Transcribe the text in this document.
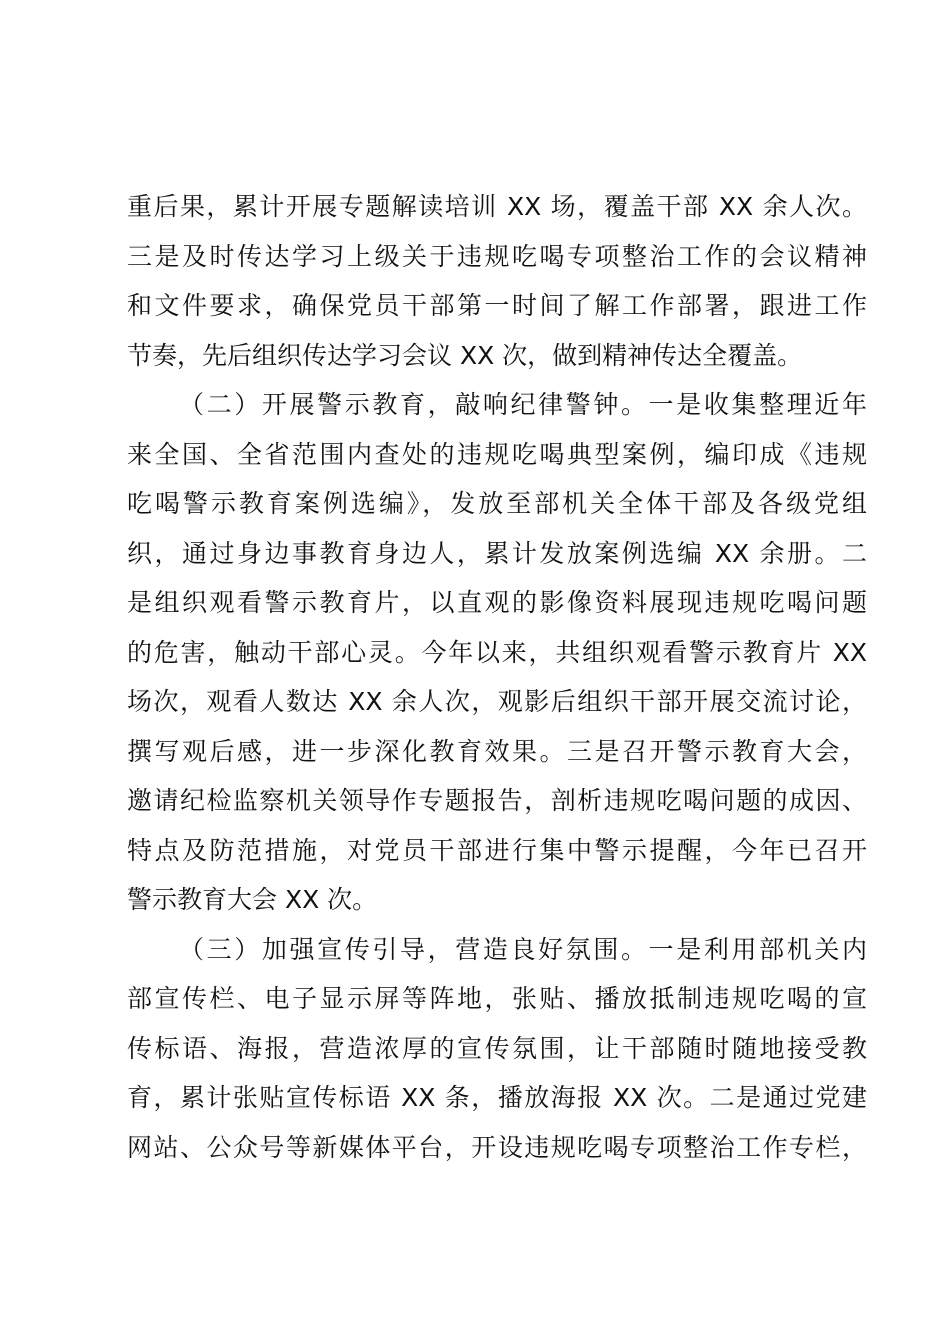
重后果，累计开展专题解读培训 XX 场，覆盖干部 XX 余人次。
三是及时传达学习上级关于违规吃喝专项整治工作的会议精神
和文件要求，确保党员干部第一时间了解工作部署，跟进工作
节奏，先后组织传达学习会议 XX 次，做到精神传达全覆盖。
（二）开展警示教育，敲响纪律警钟。一是收集整理近年
来全国、全省范围内查处的违规吃喝典型案例，编印成《违规
吃喝警示教育案例选编》，发放至部机关全体干部及各级党组
织，通过身边事教育身边人，累计发放案例选编 XX 余册。二
是组织观看警示教育片，以直观的影像资料展现违规吃喝问题
的危害，触动干部心灵。今年以来，共组织观看警示教育片 XX
场次，观看人数达 XX 余人次，观影后组织干部开展交流讨论，
撰写观后感，进一步深化教育效果。三是召开警示教育大会，
邀请纪检监察机关领导作专题报告，剖析违规吃喝问题的成因、
特点及防范措施，对党员干部进行集中警示提醒，今年已召开
警示教育大会 XX 次。
（三）加强宣传引导，营造良好氛围。一是利用部机关内
部宣传栏、电子显示屏等阵地，张贴、播放抵制违规吃喝的宣
传标语、海报，营造浓厚的宣传氛围，让干部随时随地接受教
育，累计张贴宣传标语 XX 条，播放海报 XX 次。二是通过党建
网站、公众号等新媒体平台，开设违规吃喝专项整治工作专栏，
